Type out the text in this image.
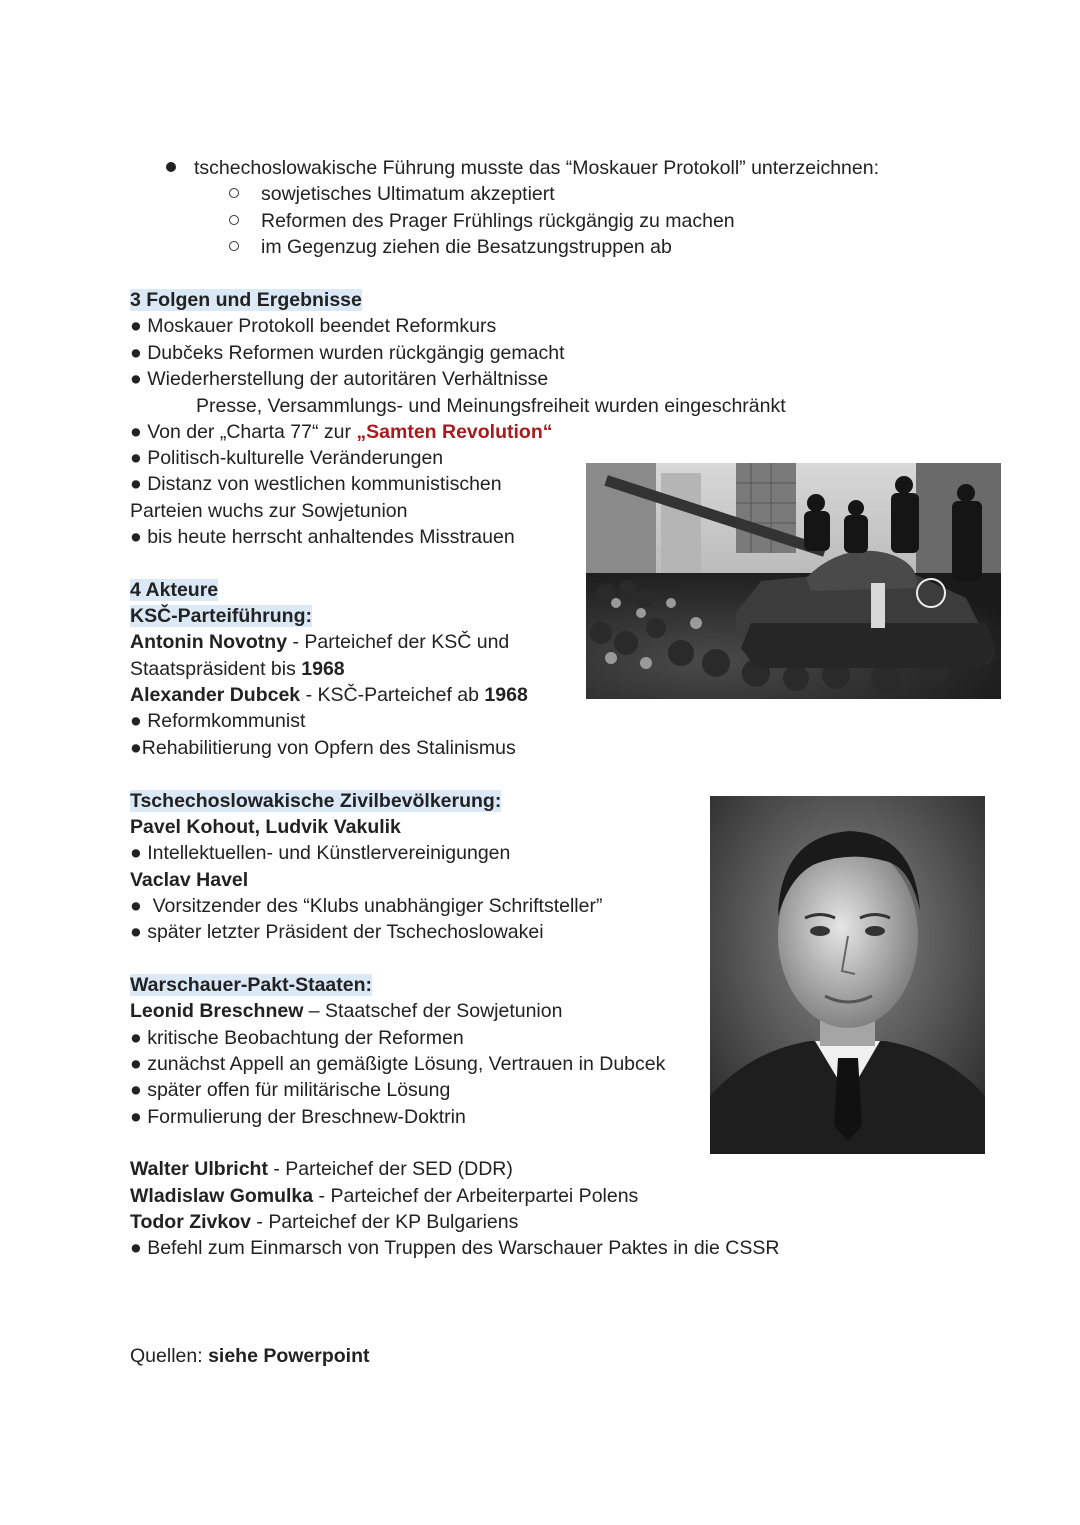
tschechoslowakische Führung musste das “Moskauer Protokoll” unterzeichnen:
sowjetisches Ultimatum akzeptiert
Reformen des Prager Frühlings rückgängig zu machen
im Gegenzug ziehen die Besatzungstruppen ab
3 Folgen und Ergebnisse
● Moskauer Protokoll beendet Reformkurs
● Dubčeks Reformen wurden rückgängig gemacht
● Wiederherstellung der autoritären Verhältnisse
Presse, Versammlungs- und Meinungsfreiheit wurden eingeschränkt
● Von der „Charta 77“ zur „Samten Revolution“
● Politisch-kulturelle Veränderungen
● Distanz von westlichen kommunistischen
Parteien wuchs zur Sowjetunion
● bis heute herrscht anhaltendes Misstrauen
4 Akteure
KSČ-Parteiführung:
Antonin Novotny - Parteichef der KSČ und
Staatspräsident bis 1968
Alexander Dubcek - KSČ-Parteichef ab 1968
● Reformkommunist
●Rehabilitierung von Opfern des Stalinismus
Tschechoslowakische Zivilbevölkerung:
Pavel Kohout, Ludvik Vakulik
● Intellektuellen- und Künstlervereinigungen
Vaclav Havel
●  Vorsitzender des “Klubs unabhängiger Schriftsteller”
● später letzter Präsident der Tschechoslowakei
Warschauer-Pakt-Staaten:
Leonid Breschnew – Staatschef der Sowjetunion
● kritische Beobachtung der Reformen
● zunächst Appell an gemäßigte Lösung, Vertrauen in Dubcek
● später offen für militärische Lösung
● Formulierung der Breschnew-Doktrin
Walter Ulbricht - Parteichef der SED (DDR)
Wladislaw Gomulka - Parteichef der Arbeiterpartei Polens
Todor Zivkov - Parteichef der KP Bulgariens
● Befehl zum Einmarsch von Truppen des Warschauer Paktes in die CSSR
Quellen: siehe Powerpoint
